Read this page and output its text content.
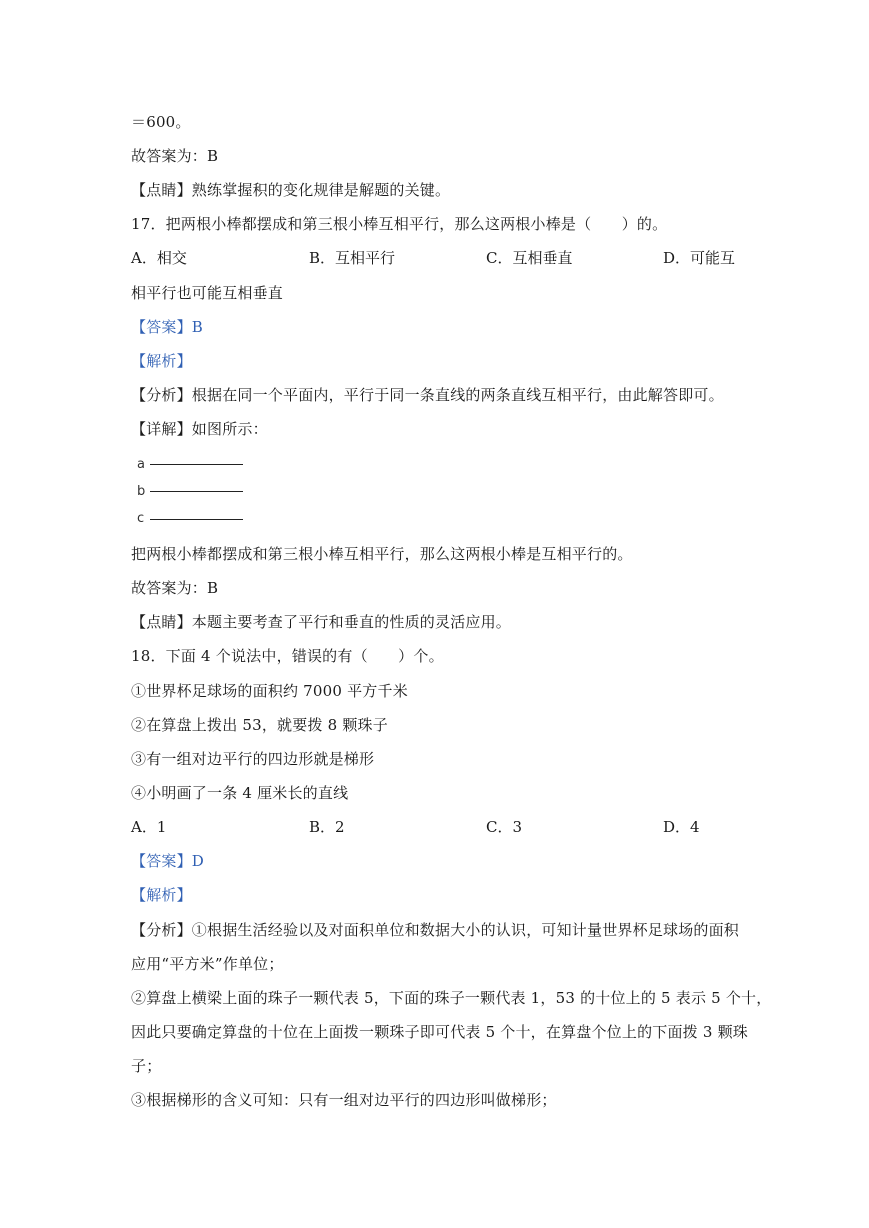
＝600。
故答案为：B
【点睛】熟练掌握积的变化规律是解题的关键。
17．把两根小棒都摆成和第三根小棒互相平行，那么这两根小棒是（　　）的。
A．相交	B．互相平行	C．互相垂直	D．可能互
相平行也可能互相垂直
【答案】B
【解析】
【分析】根据在同一个平面内，平行于同一条直线的两条直线互相平行，由此解答即可。
【详解】如图所示：
a
b
c
把两根小棒都摆成和第三根小棒互相平行，那么这两根小棒是互相平行的。
故答案为：B
【点睛】本题主要考查了平行和垂直的性质的灵活应用。
18．下面 4 个说法中，错误的有（　　）个。
①世界杯足球场的面积约 7000 平方千米
②在算盘上拨出 53，就要拨 8 颗珠子
③有一组对边平行的四边形就是梯形
④小明画了一条 4 厘米长的直线
A．1	B．2	C．3	D．4
【答案】D
【解析】
【分析】①根据生活经验以及对面积单位和数据大小的认识，可知计量世界杯足球场的面积
应用“平方米”作单位；
②算盘上横梁上面的珠子一颗代表 5，下面的珠子一颗代表 1，53 的十位上的 5 表示 5 个十，
因此只要确定算盘的十位在上面拨一颗珠子即可代表 5 个十，在算盘个位上的下面拨 3 颗珠
子；
③根据梯形的含义可知：只有一组对边平行的四边形叫做梯形；
